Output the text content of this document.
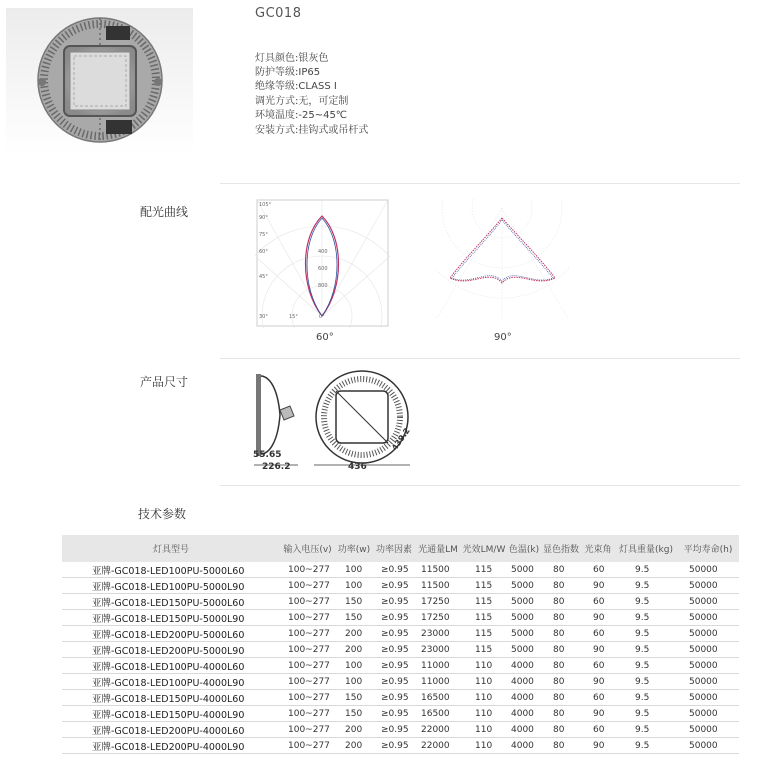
GC018
灯具颜色:银灰色
防护等级:IP65
绝缘等级:CLASS I
调光方式:无，可定制
环境温度:-25~45℃
安装方式:挂钩式或吊杆式
配光曲线	105°
90°
75°
60°
45°
30°	15°	0°
400
600
800
60°	90°
产品尺寸
55.65
226.2	436
439.2
技术参数
灯具型号	输入电压(v)	功率(w)	功率因素	光通量LM	光效LM/W	色温(k)	显色指数	光束角	灯具重量(kg)	平均寿命(h)
亚牌-GC018-LED100PU-5000L60	100~277	100	≥0.95	11500	115	5000	80	60	9.5	50000
亚牌-GC018-LED100PU-5000L90	100~277	100	≥0.95	11500	115	5000	80	90	9.5	50000
亚牌-GC018-LED150PU-5000L60	100~277	150	≥0.95	17250	115	5000	80	60	9.5	50000
亚牌-GC018-LED150PU-5000L90	100~277	150	≥0.95	17250	115	5000	80	90	9.5	50000
亚牌-GC018-LED200PU-5000L60	100~277	200	≥0.95	23000	115	5000	80	60	9.5	50000
亚牌-GC018-LED200PU-5000L90	100~277	200	≥0.95	23000	115	5000	80	90	9.5	50000
亚牌-GC018-LED100PU-4000L60	100~277	100	≥0.95	11000	110	4000	80	60	9.5	50000
亚牌-GC018-LED100PU-4000L90	100~277	100	≥0.95	11000	110	4000	80	90	9.5	50000
亚牌-GC018-LED150PU-4000L60	100~277	150	≥0.95	16500	110	4000	80	60	9.5	50000
亚牌-GC018-LED150PU-4000L90	100~277	150	≥0.95	16500	110	4000	80	90	9.5	50000
亚牌-GC018-LED200PU-4000L60	100~277	200	≥0.95	22000	110	4000	80	60	9.5	50000
亚牌-GC018-LED200PU-4000L90	100~277	200	≥0.95	22000	110	4000	80	90	9.5	50000
